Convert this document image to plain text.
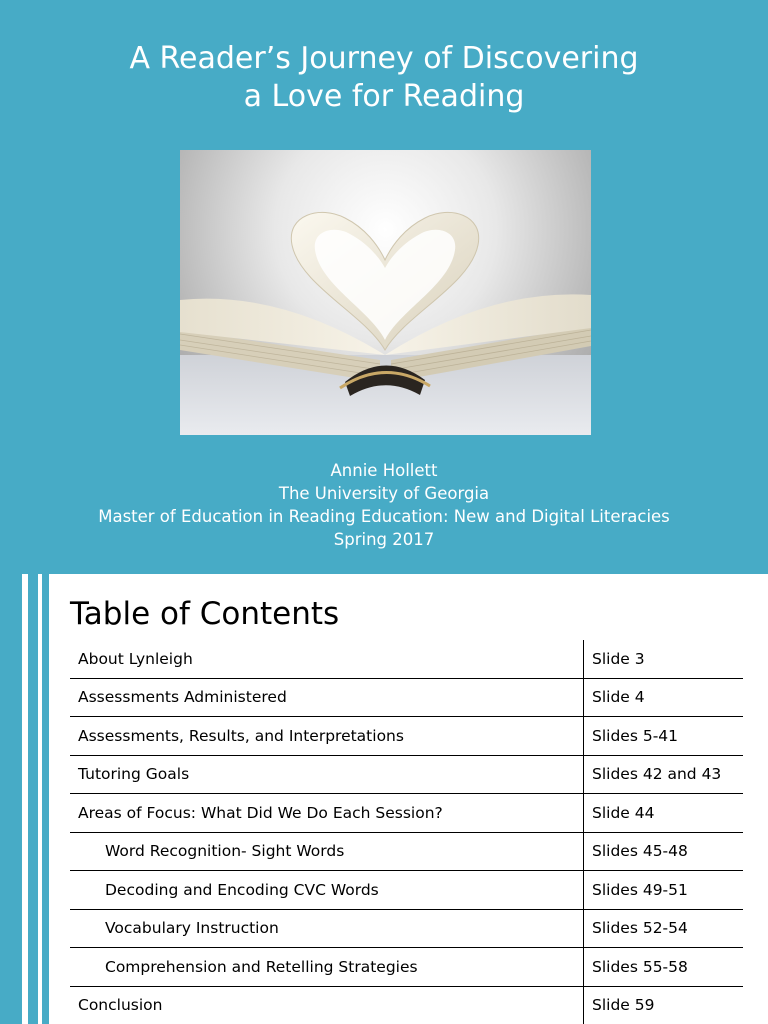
A Reader’s Journey of Discovering
a Love for Reading
Annie Hollett
The University of Georgia
Master of Education in Reading Education: New and Digital Literacies
Spring 2017
Table of Contents
About Lynleigh	Slide 3
Assessments Administered	Slide 4
Assessments, Results, and Interpretations	Slides 5-41
Tutoring Goals	Slides 42 and 43
Areas of Focus: What Did We Do Each Session?	Slide 44
Word Recognition- Sight Words	Slides 45-48
Decoding and Encoding CVC Words	Slides 49-51
Vocabulary Instruction	Slides 52-54
Comprehension and Retelling Strategies	Slides 55-58
Conclusion	Slide 59
